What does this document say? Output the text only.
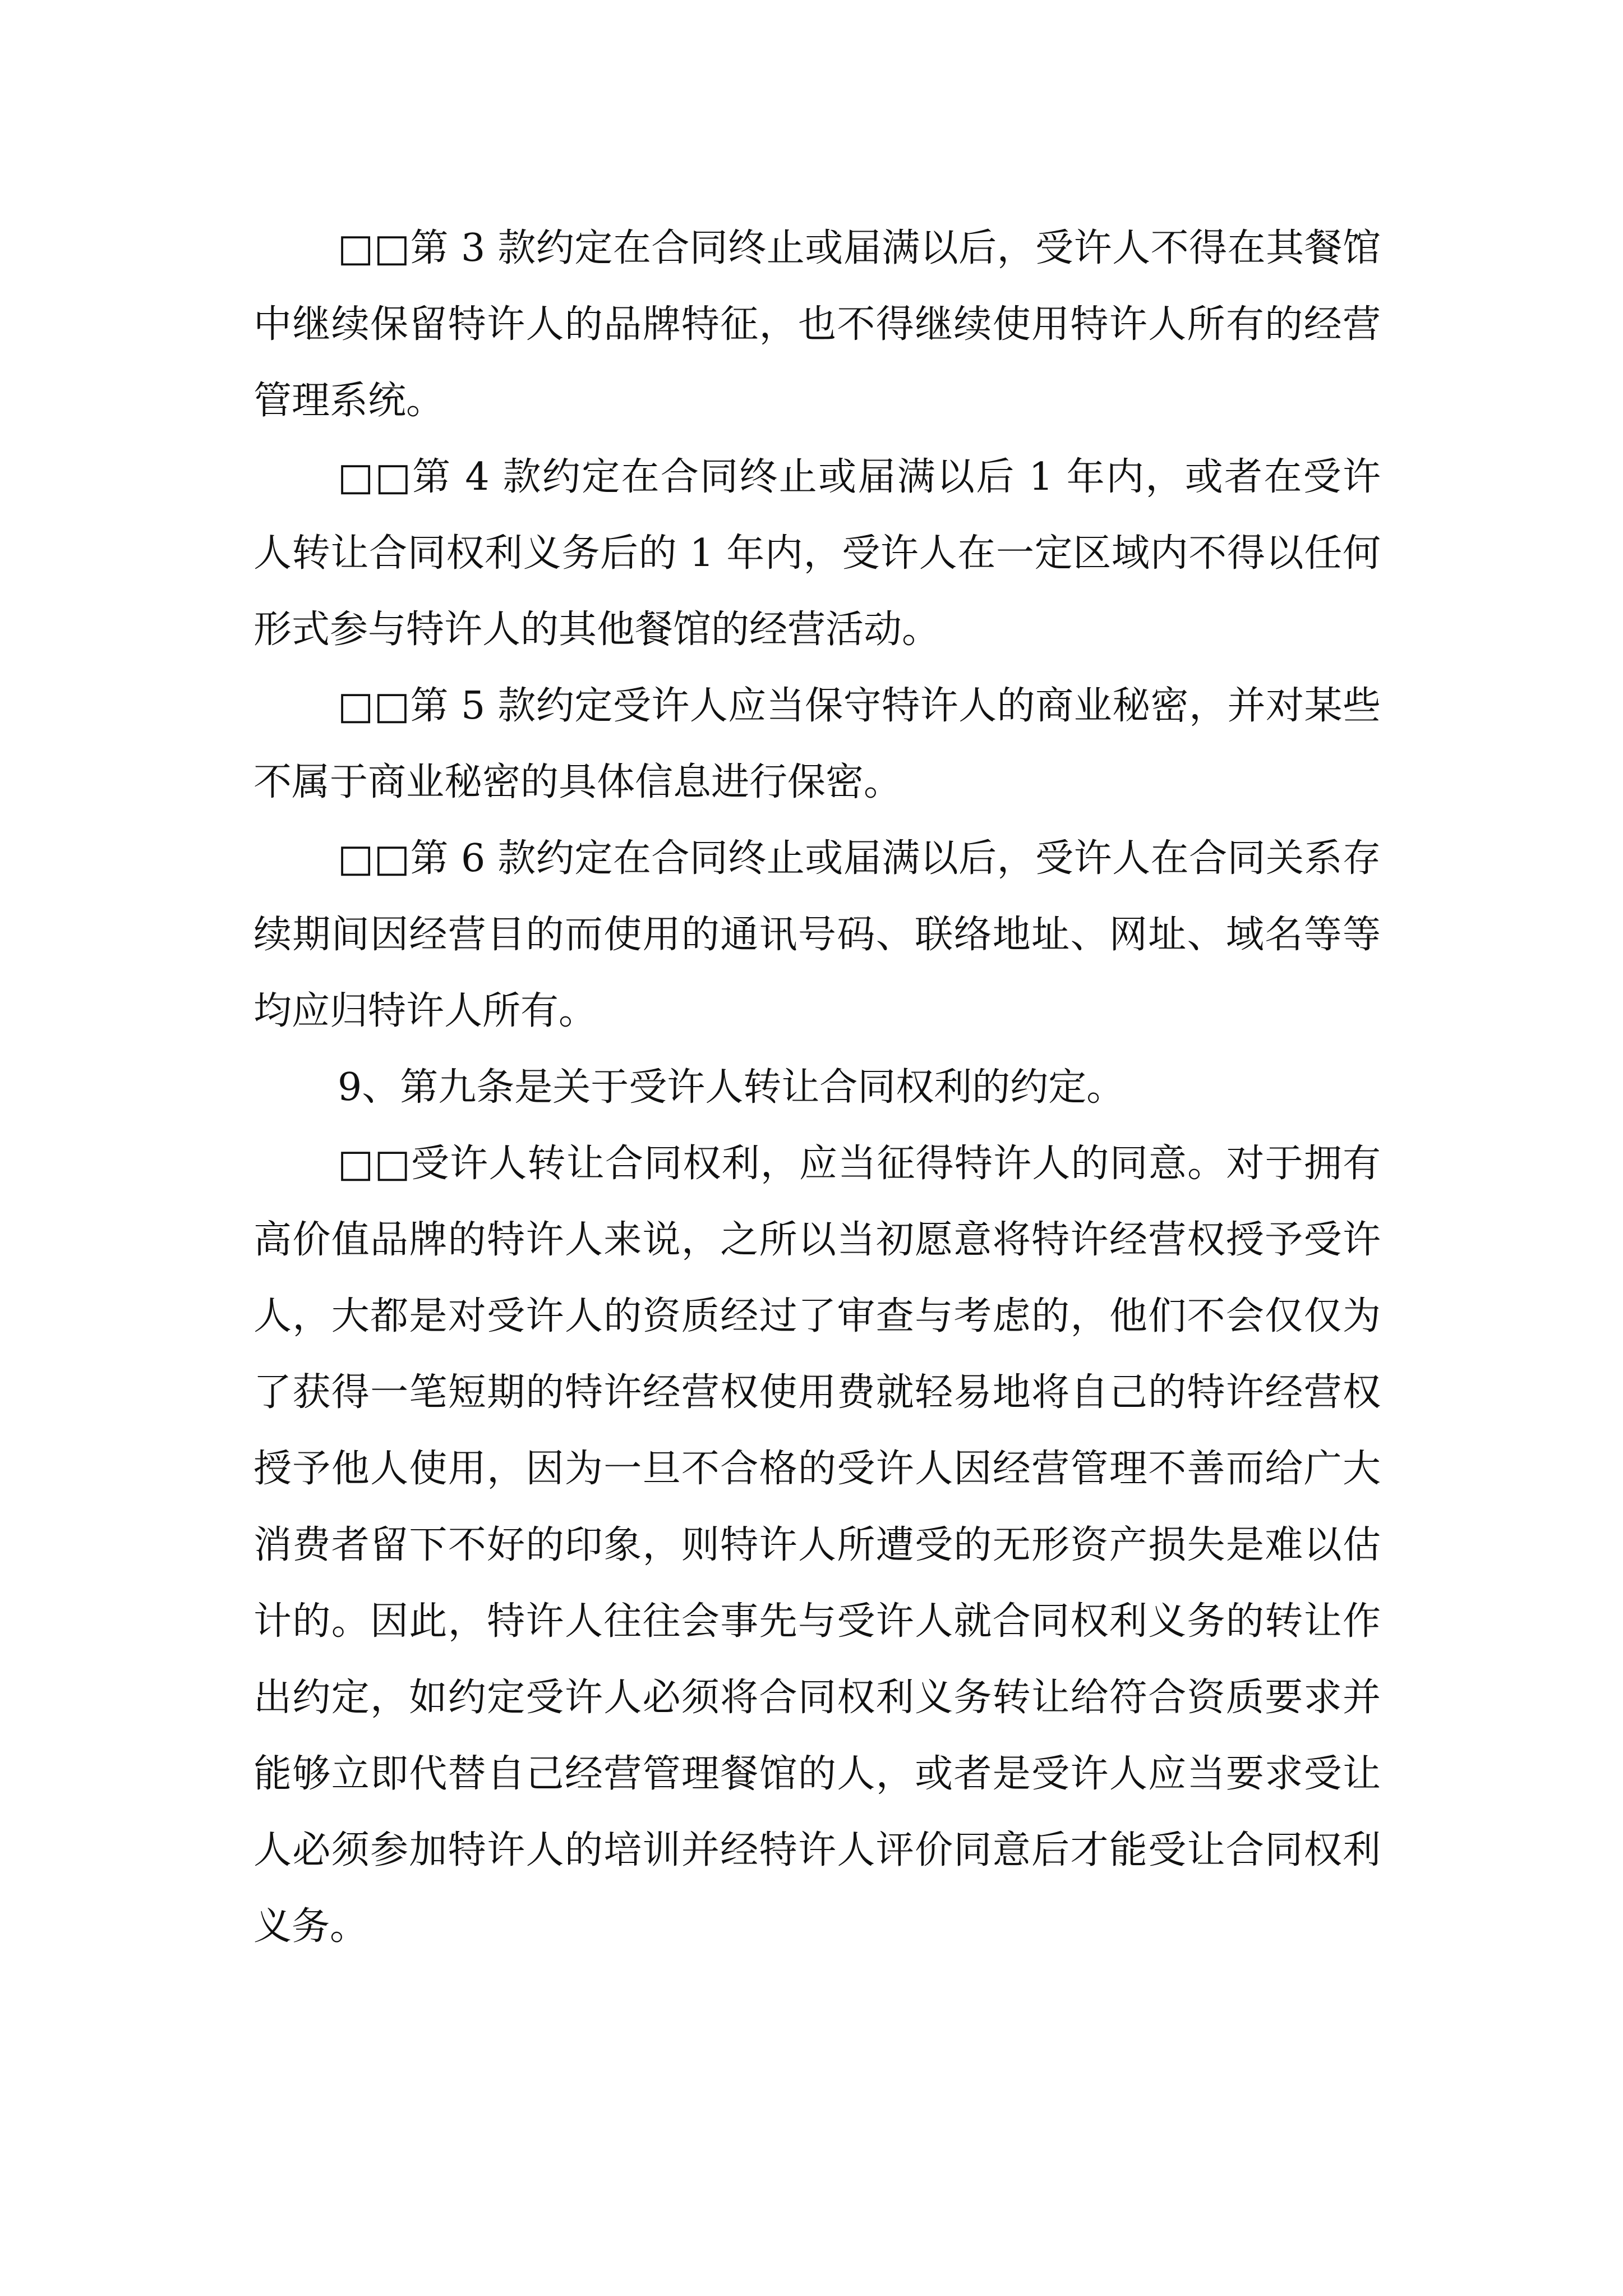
□□第 3 款约定在合同终止或届满以后，受许人不得在其餐馆中继续保留特许人的品牌特征，也不得继续使用特许人所有的经营管理系统。

□□第 4 款约定在合同终止或届满以后 1 年内，或者在受许人转让合同权利义务后的 1 年内，受许人在一定区域内不得以任何形式参与特许人的其他餐馆的经营活动。

□□第 5 款约定受许人应当保守特许人的商业秘密，并对某些不属于商业秘密的具体信息进行保密。

□□第 6 款约定在合同终止或届满以后，受许人在合同关系存续期间因经营目的而使用的通讯号码、联络地址、网址、域名等等均应归特许人所有。

9、第九条是关于受许人转让合同权利的约定。

□□受许人转让合同权利，应当征得特许人的同意。对于拥有高价值品牌的特许人来说，之所以当初愿意将特许经营权授予受许人，大都是对受许人的资质经过了审查与考虑的，他们不会仅仅为了获得一笔短期的特许经营权使用费就轻易地将自己的特许经营权授予他人使用，因为一旦不合格的受许人因经营管理不善而给广大消费者留下不好的印象，则特许人所遭受的无形资产损失是难以估计的。因此，特许人往往会事先与受许人就合同权利义务的转让作出约定，如约定受许人必须将合同权利义务转让给符合资质要求并能够立即代替自己经营管理餐馆的人，或者是受许人应当要求受让人必须参加特许人的培训并经特许人评价同意后才能受让合同权利义务。
